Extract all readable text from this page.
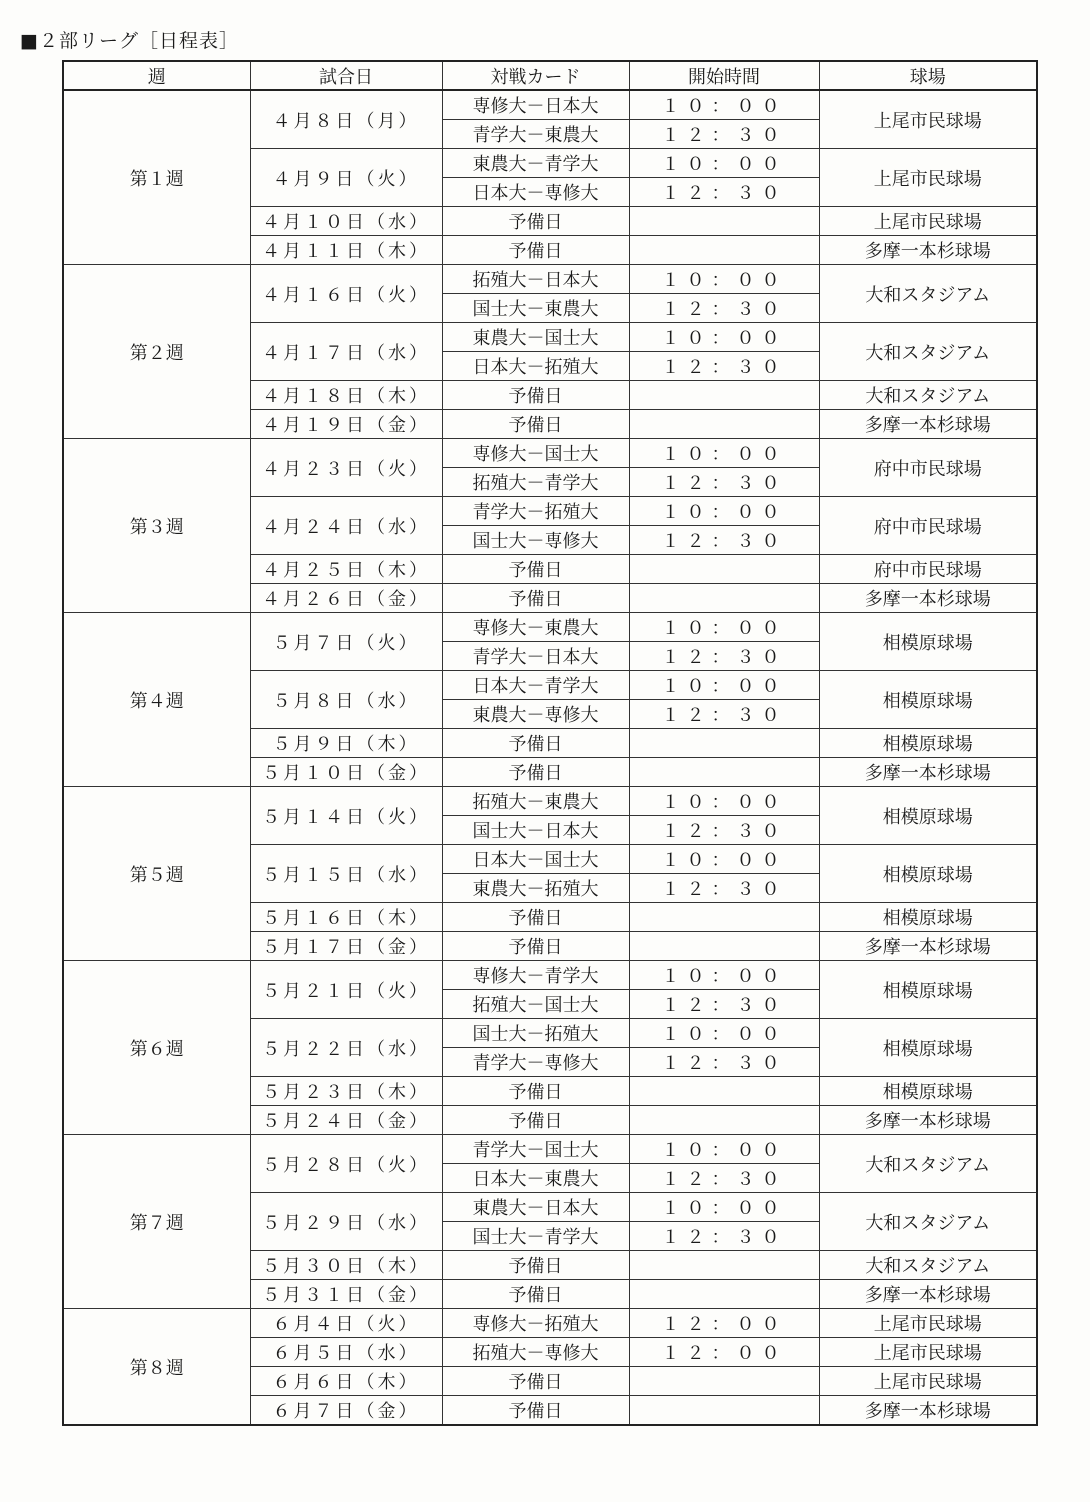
■２部リーグ［日程表］
週	試合日	対戦カード	開始時間	球場
第１週	４月８日（月）	専修大－日本大	１０：００	上尾市民球場
		青学大－東農大	１２：３０	
	４月９日（火）	東農大－青学大	１０：００	上尾市民球場
		日本大－専修大	１２：３０	
	４月１０日（水）	予備日		上尾市民球場
	４月１１日（木）	予備日		多摩一本杉球場
第２週	４月１６日（火）	拓殖大－日本大	１０：００	大和スタジアム
		国士大－東農大	１２：３０	
	４月１７日（水）	東農大－国士大	１０：００	大和スタジアム
		日本大－拓殖大	１２：３０	
	４月１８日（木）	予備日		大和スタジアム
	４月１９日（金）	予備日		多摩一本杉球場
第３週	４月２３日（火）	専修大－国士大	１０：００	府中市民球場
		拓殖大－青学大	１２：３０	
	４月２４日（水）	青学大－拓殖大	１０：００	府中市民球場
		国士大－専修大	１２：３０	
	４月２５日（木）	予備日		府中市民球場
	４月２６日（金）	予備日		多摩一本杉球場
第４週	５月７日（火）	専修大－東農大	１０：００	相模原球場
		青学大－日本大	１２：３０	
	５月８日（水）	日本大－青学大	１０：００	相模原球場
		東農大－専修大	１２：３０	
	５月９日（木）	予備日		相模原球場
	５月１０日（金）	予備日		多摩一本杉球場
第５週	５月１４日（火）	拓殖大－東農大	１０：００	相模原球場
		国士大－日本大	１２：３０	
	５月１５日（水）	日本大－国士大	１０：００	相模原球場
		東農大－拓殖大	１２：３０	
	５月１６日（木）	予備日		相模原球場
	５月１７日（金）	予備日		多摩一本杉球場
第６週	５月２１日（火）	専修大－青学大	１０：００	相模原球場
		拓殖大－国士大	１２：３０	
	５月２２日（水）	国士大－拓殖大	１０：００	相模原球場
		青学大－専修大	１２：３０	
	５月２３日（木）	予備日		相模原球場
	５月２４日（金）	予備日		多摩一本杉球場
第７週	５月２８日（火）	青学大－国士大	１０：００	大和スタジアム
		日本大－東農大	１２：３０	
	５月２９日（水）	東農大－日本大	１０：００	大和スタジアム
		国士大－青学大	１２：３０	
	５月３０日（木）	予備日		大和スタジアム
	５月３１日（金）	予備日		多摩一本杉球場
第８週	６月４日（火）	専修大－拓殖大	１２：００	上尾市民球場
	６月５日（水）	拓殖大－専修大	１２：００	上尾市民球場
	６月６日（木）	予備日		上尾市民球場
	６月７日（金）	予備日		多摩一本杉球場
